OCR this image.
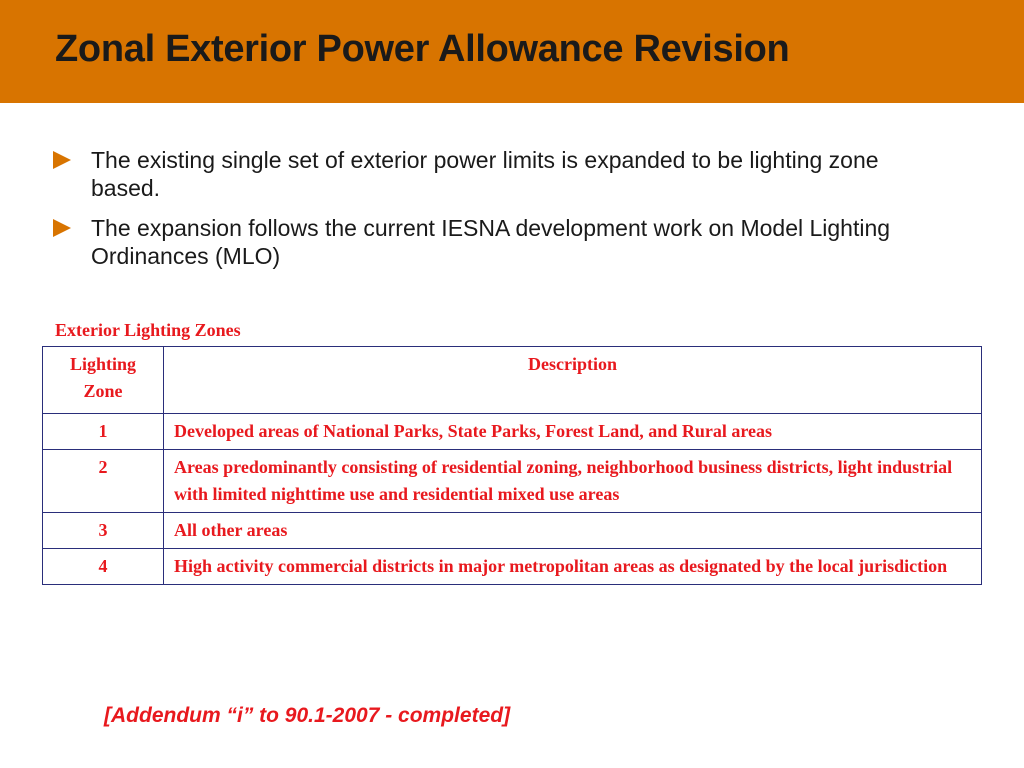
Zonal Exterior Power Allowance Revision
The existing single set of exterior power limits is expanded to be lighting zone based.
The expansion follows the current IESNA development work on Model Lighting Ordinances (MLO)
Exterior Lighting Zones
Lighting Zone	Description
1	Developed areas of National Parks, State Parks, Forest Land, and Rural areas
2	Areas predominantly consisting of residential zoning, neighborhood business districts, light industrial with limited nighttime use and residential mixed use areas
3	All other areas
4	High activity commercial districts in major metropolitan areas as designated by the local jurisdiction
[Addendum “i” to 90.1-2007 - completed]
